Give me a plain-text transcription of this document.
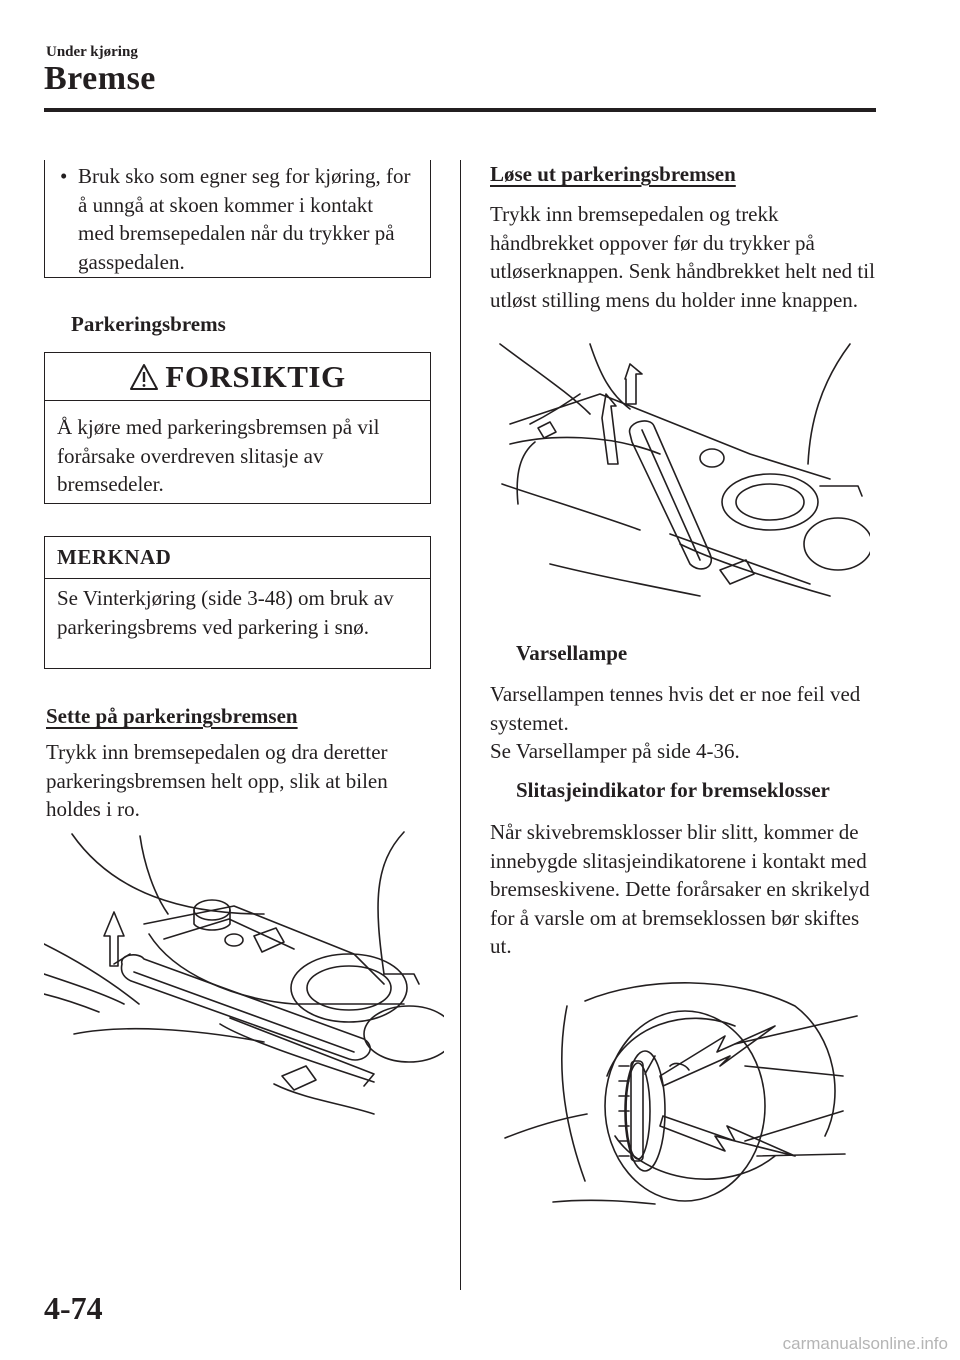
Under kjøring
Bremse
• Bruk sko som egner seg for kjøring, for å unngå at skoen kommer i kontakt med bremsepedalen når du trykker på gasspedalen.
Parkeringsbrems
FORSIKTIG
Å kjøre med parkeringsbremsen på vil forårsake overdreven slitasje av bremsedeler.
MERKNAD
Se Vinterkjøring (side 3-48) om bruk av parkeringsbrems ved parkering i snø.
Sette på parkeringsbremsen
Trykk inn bremsepedalen og dra deretter parkeringsbremsen helt opp, slik at bilen holdes i ro.
Løse ut parkeringsbremsen
Trykk inn bremsepedalen og trekk håndbrekket oppover før du trykker på utløserknappen. Senk håndbrekket helt ned til utløst stilling mens du holder inne knappen.
Varsellampe
Varsellampen tennes hvis det er noe feil ved systemet.
Se Varsellamper på side 4-36.
Slitasjeindikator for bremseklosser
Når skivebremsklosser blir slitt, kommer de innebygde slitasjeindikatorene i kontakt med bremseskivene. Dette forårsaker en skrikelyd for å varsle om at bremseklossen bør skiftes ut.
4-74
carmanualsonline.info
